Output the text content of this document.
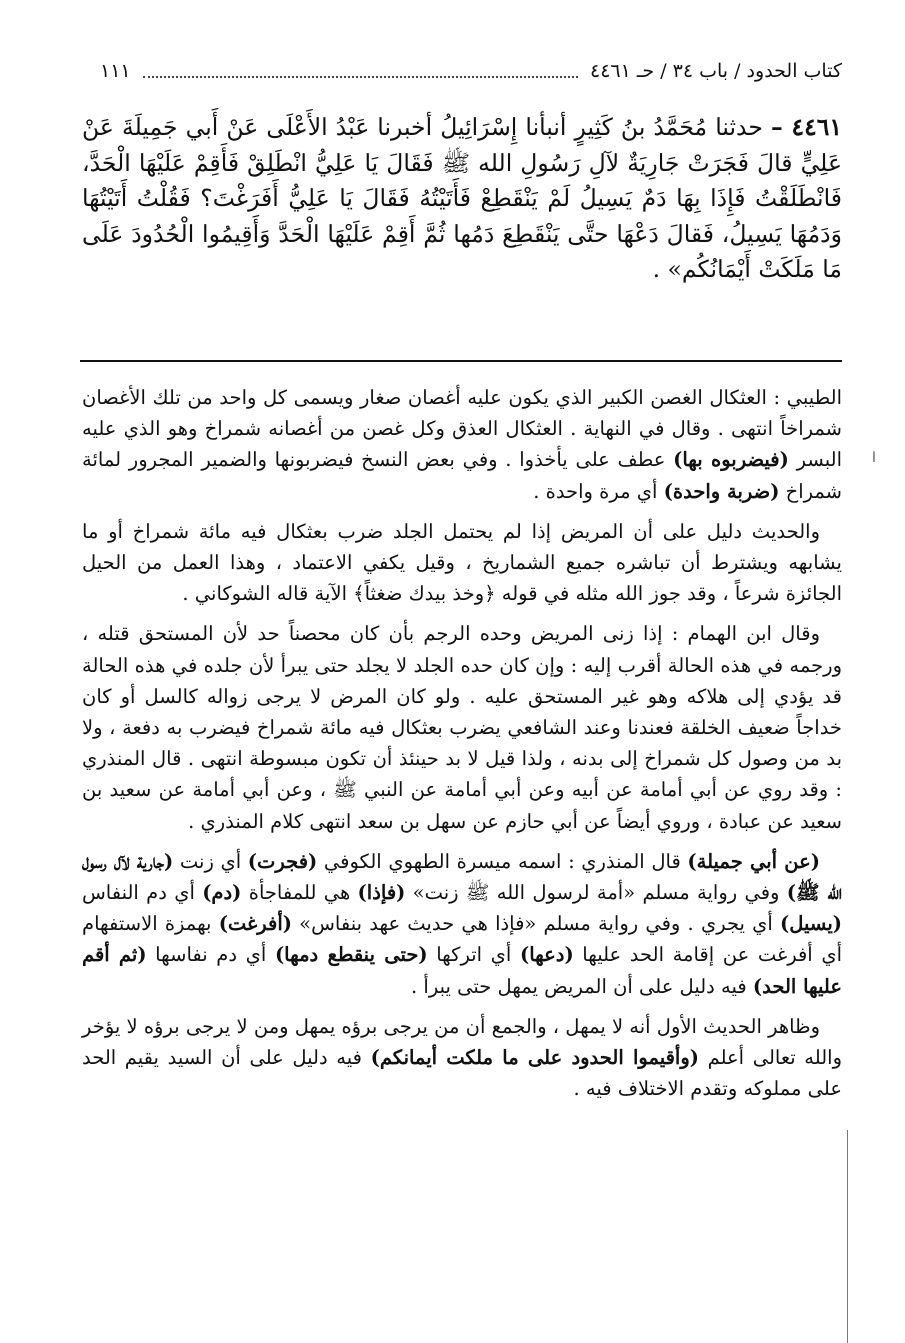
كتاب الحدود / باب ٣٤ / حـ ٤٤٦١
١١١
٤٤٦١ – حدثنا مُحَمَّدُ بنُ كَثِيرٍ أنبأنا إِسْرَائِيلُ أخبرنا عَبْدُ الأَعْلَى عَنْ أَبي جَمِيلَةَ عَنْ عَلِيٍّ قالَ فَجَرَتْ جَارِيَةٌ لآلِ رَسُولِ الله ﷺ فَقَالَ يَا عَلِيُّ انْطَلِقْ فَأَقِمْ عَلَيْهَا الْحَدَّ، فَانْطَلَقْتُ فَإِذَا بِهَا دَمٌ يَسِيلُ لَمْ يَنْقَطِعْ فَأَتَيْتُهُ فَقَالَ يَا عَلِيُّ أَفَرَغْتَ؟ فَقُلْتُ أَتَيْتُهَا وَدَمُهَا يَسِيلُ، فَقالَ دَعْهَا حتَّى يَنْقَطِعَ دَمُها ثُمَّ أَقِمْ عَلَيْهَا الْحَدَّ وَأَقِيمُوا الْحُدُودَ عَلَى مَا مَلَكَتْ أَيْمَانُكُم» .

الطيبي : العثكال الغصن الكبير الذي يكون عليه أغصان صغار ويسمى كل واحد من تلك الأغصان شمراخاً انتهى . وقال في النهاية . العثكال العذق وكل غصن من أغصانه شمراخ وهو الذي عليه البسر (فيضربوه بها) عطف على يأخذوا . وفي بعض النسخ فيضربونها والضمير المجرور لمائة شمراخ (ضربة واحدة) أي مرة واحدة .

والحديث دليل على أن المريض إذا لم يحتمل الجلد ضرب بعثكال فيه مائة شمراخ أو ما يشابهه ويشترط أن تباشره جميع الشماريخ ، وقيل يكفي الاعتماد ، وهذا العمل من الحيل الجائزة شرعاً ، وقد جوز الله مثله في قوله ﴿وخذ بيدك ضغثاً﴾ الآية قاله الشوكاني .

وقال ابن الهمام : إذا زنى المريض وحده الرجم بأن كان محصناً حد لأن المستحق قتله ، ورجمه في هذه الحالة أقرب إليه : وإن كان حده الجلد لا يجلد حتى يبرأ لأن جلده في هذه الحالة قد يؤدي إلى هلاكه وهو غير المستحق عليه . ولو كان المرض لا يرجى زواله كالسل أو كان خداجاً ضعيف الخلقة فعندنا وعند الشافعي يضرب بعثكال فيه مائة شمراخ فيضرب به دفعة ، ولا بد من وصول كل شمراخ إلى بدنه ، ولذا قيل لا بد حينئذ أن تكون مبسوطة انتهى . قال المنذري : وقد روي عن أبي أمامة عن أبيه وعن أبي أمامة عن النبي ﷺ ، وعن أبي أمامة عن سعيد بن سعيد عن عبادة ، وروي أيضاً عن أبي حازم عن سهل بن سعد انتهى كلام المنذري .

(عن أبي جميلة) قال المنذري : اسمه ميسرة الطهوي الكوفي (فجرت) أي زنت (جارية لآل رسول الله ﷺ) وفي رواية مسلم «أمة لرسول الله ﷺ زنت» (فإذا) هي للمفاجأة (دم) أي دم النفاس (يسيل) أي يجري . وفي رواية مسلم «فإذا هي حديث عهد بنفاس» (أفرغت) بهمزة الاستفهام أي أفرغت عن إقامة الحد عليها (دعها) أي اتركها (حتى ينقطع دمها) أي دم نفاسها (ثم أقم عليها الحد) فيه دليل على أن المريض يمهل حتى يبرأ .

وظاهر الحديث الأول أنه لا يمهل ، والجمع أن من يرجى برؤه يمهل ومن لا يرجى برؤه لا يؤخر والله تعالى أعلم (وأقيموا الحدود على ما ملكت أيمانكم) فيه دليل على أن السيد يقيم الحد على مملوكه وتقدم الاختلاف فيه .

ا
